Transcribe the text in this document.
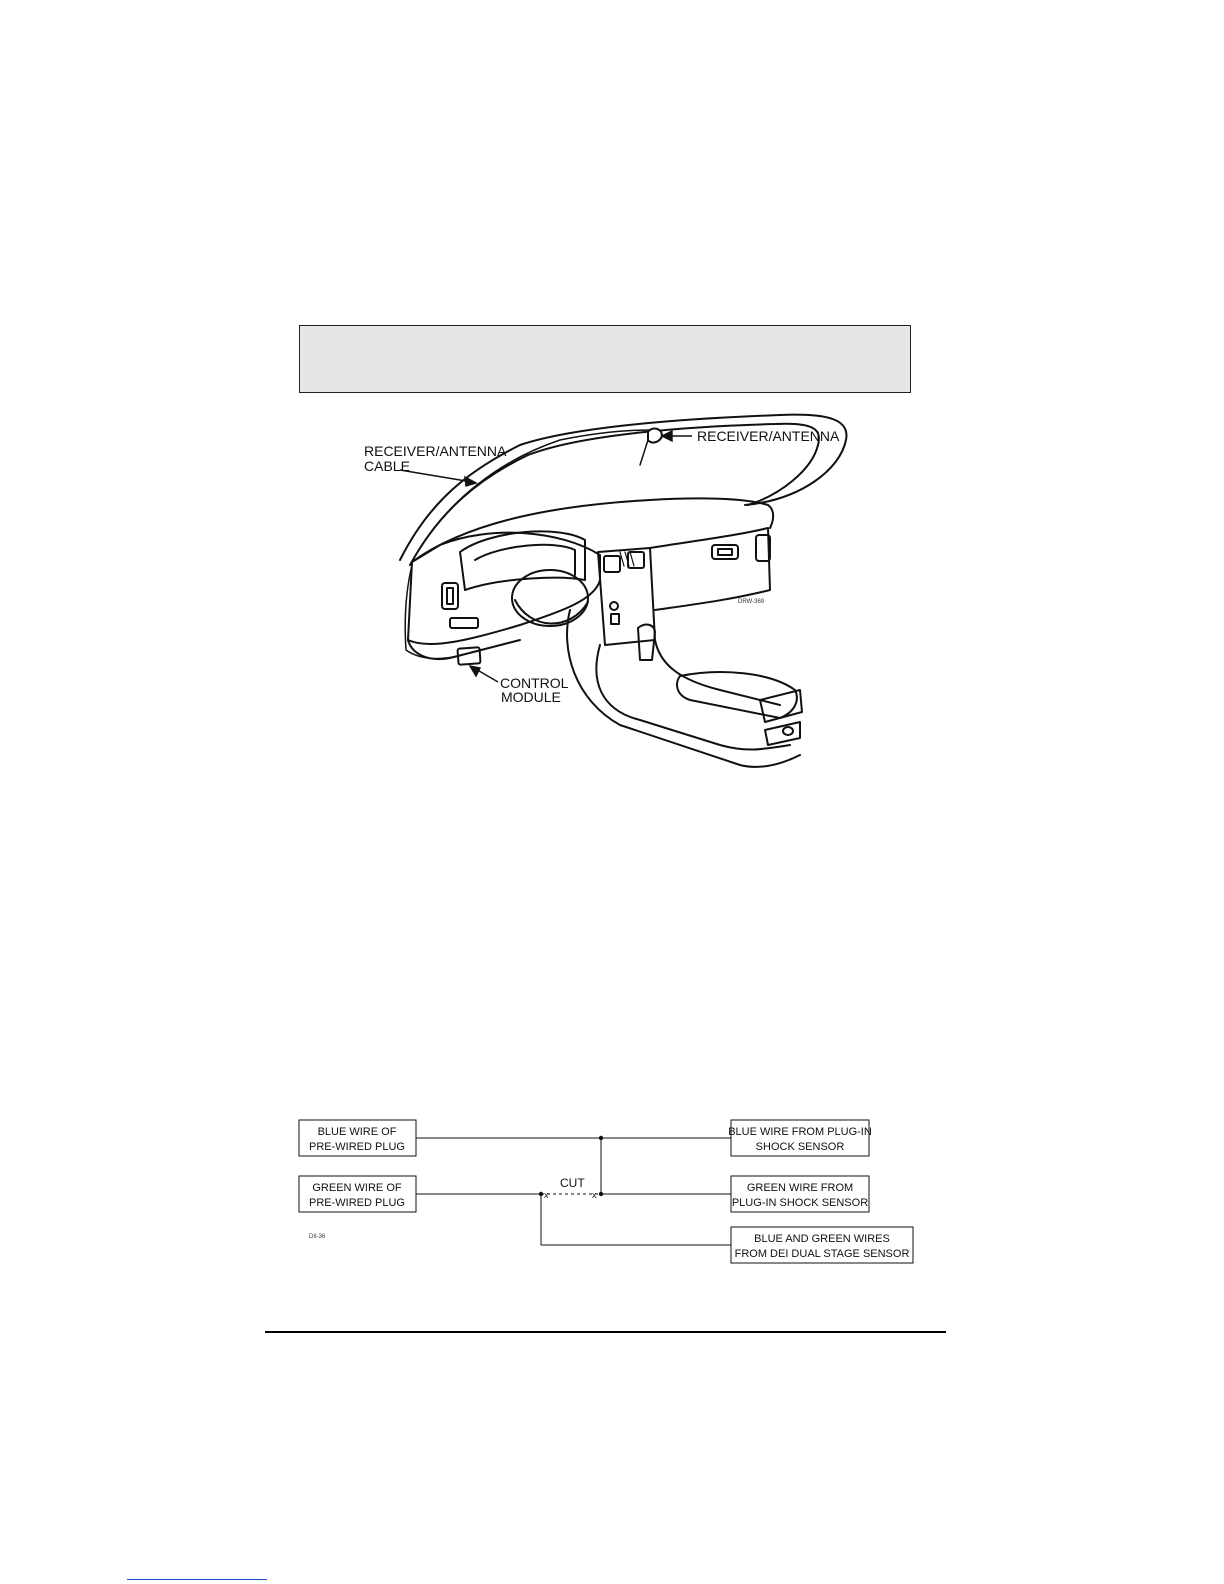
RECEIVER/ANTENNA
CABLE
RECEIVER/ANTENNA
CONTROL
MODULE
DRW-369
x	x
CUT
BLUE WIRE OF
PRE-WIRED PLUG
GREEN WIRE OF
PRE-WIRED PLUG
BLUE WIRE FROM PLUG-IN
SHOCK SENSOR
GREEN WIRE FROM
PLUG-IN SHOCK SENSOR
BLUE AND GREEN WIRES
FROM DEI DUAL STAGE SENSOR
DII-36
